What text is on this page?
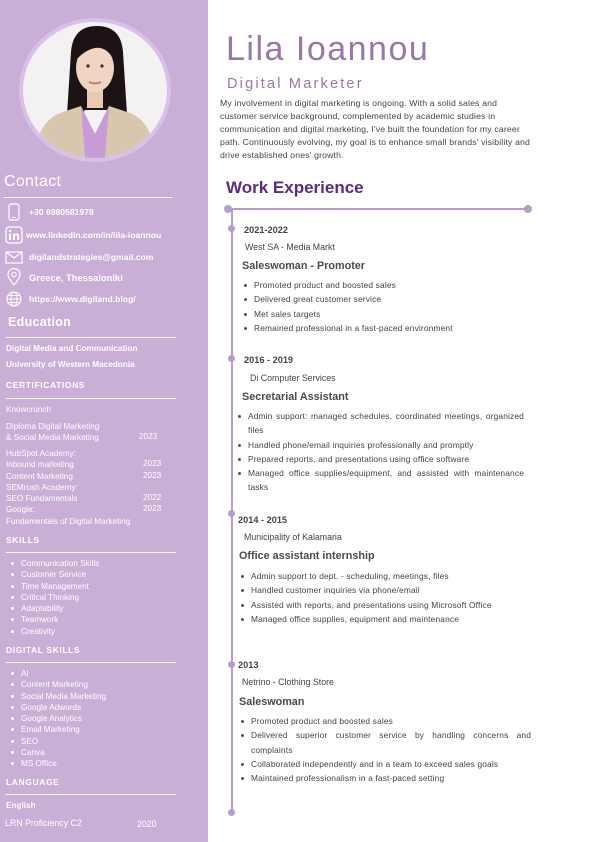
Contact
+30 6980581978
www.linkedin.com/in/lila-ioannou
digilandstrategies@gmail.com
Greece, Thessaloniki
https://www.digiland.blog/
Education
Digital Media and Communication
University of Western Macedonia
CERTIFICATIONS
Knowcrunch
Diploma Digital Marketing
& Social Media Marketing	2023
HubSpot Academy:
Inbound marketing	2023
Content Marketing	2023
SEMrush Academy:
SEO Fundamentals	2022
Google:	2023
Fundamentals of Digital Marketing
SKILLS
Communication Skills
Customer Service
Time Management
Critical Thinking
Adaptability
Teamwork
Creativity
DIGITAL SKILLS
AI
Content Marketing
Social Media Marketing
Google Adwords
Google Analytics
Email Marketing
SEO
Canva
MS Office
LANGUAGE
English
LRN Proficiency C2	2020
Lila Ioannou
Digital Marketer
My involvement in digital marketing is ongoing. With a solid sales and customer service background, complemented by academic studies in communication and digital marketing, I've built the foundation for my career path. Continuously evolving, my goal is to enhance small brands' visibility and drive established ones' growth.
Work Experience
2021-2022
West SA - Media Markt
Saleswoman - Promoter
Promoted product and boosted sales
Delivered great customer service
Met sales targets
Remained professional in a fast-paced environment
2016 - 2019
Di Computer Services
Secretarial Assistant
Admin support: managed schedules, coordinated meetings, organized files
Handled phone/email inquiries professionally and promptly
Prepared reports, and presentations using office software
Managed office supplies/equipment, and assisted with maintenance tasks
2014 - 2015
Municipality of Kalamaria
Office assistant internship
Admin support to dept. - scheduling, meetings, files
Handled customer inquiries via phone/email
Assisted with reports, and presentations using Microsoft Office
Managed office supplies, equipment and maintenance
2013
Netrino - Clothing Store
Saleswoman
Promoted product and boosted sales
Delivered superior customer service by handling concerns and complaints
Collaborated independently and in a team to exceed sales goals
Maintained professionalism in a fast-paced setting
